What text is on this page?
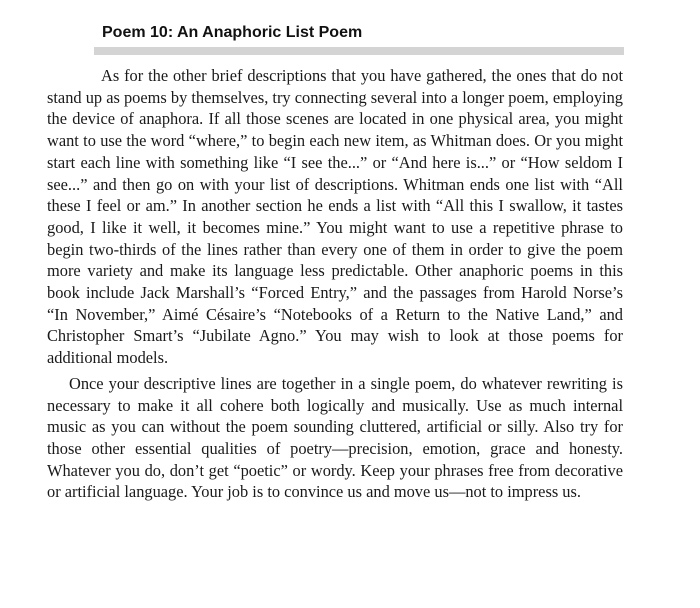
Poem 10: An Anaphoric List Poem

As for the other brief descriptions that you have gathered, the ones that do not stand up as poems by themselves, try connecting several into a longer poem, employing the device of anaphora. If all those scenes are located in one physical area, you might want to use the word “where,” to begin each new item, as Whitman does. Or you might start each line with something like “I see the...” or “And here is...” or “How seldom I see...” and then go on with your list of descriptions. Whitman ends one list with “All these I feel or am.” In another section he ends a list with “All this I swallow, it tastes good, I like it well, it becomes mine.” You might want to use a repetitive phrase to begin two-thirds of the lines rather than every one of them in order to give the poem more variety and make its language less predictable. Other anaphoric poems in this book include Jack Marshall’s “Forced Entry,” and the passages from Harold Norse’s “In November,” Aimé Césaire’s “Notebooks of a Return to the Native Land,” and Christopher Smart’s “Jubilate Agno.” You may wish to look at those poems for additional models.

Once your descriptive lines are together in a single poem, do whatever rewriting is necessary to make it all cohere both logically and musically. Use as much internal music as you can without the poem sounding cluttered, artificial or silly. Also try for those other essential qualities of poetry—precision, emotion, grace and honesty. Whatever you do, don’t get “poetic” or wordy. Keep your phrases free from decorative or artificial language. Your job is to convince us and move us—not to impress us.
